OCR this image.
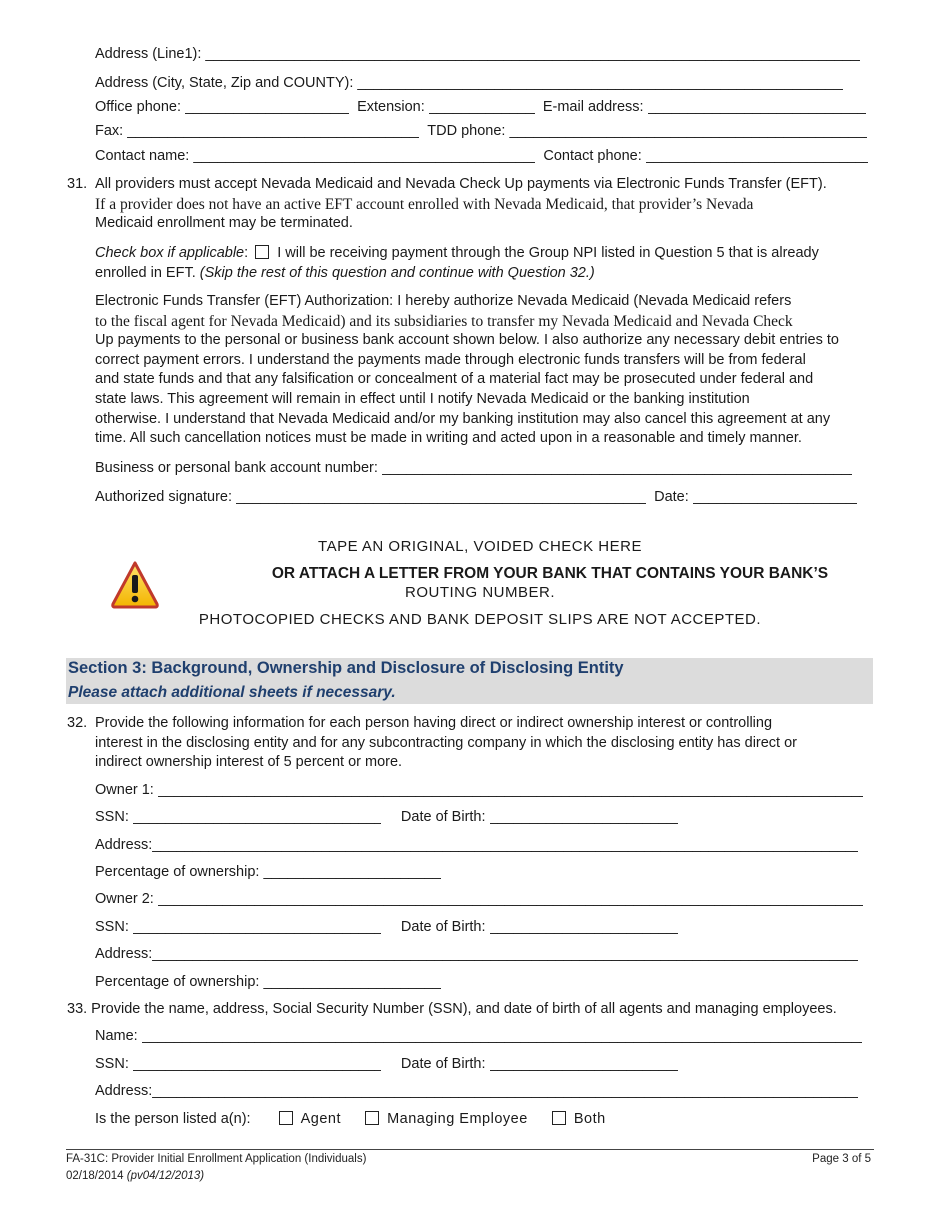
Address (Line1): _____
Address (City, State, Zip and COUNTY): _____
Office phone: _____	Extension: _____	E-mail address: _____
Fax: _____	TDD phone: _____
Contact name: _____	Contact phone: _____
31. All providers must accept Nevada Medicaid and Nevada Check Up payments via Electronic Funds Transfer (EFT).
If a provider does not have an active EFT account enrolled with Nevada Medicaid, that provider’s Nevada
Medicaid enrollment may be terminated.
Check box if applicable:  I will be receiving payment through the Group NPI listed in Question 5 that is already
enrolled in EFT. (Skip the rest of this question and continue with Question 32.)
Electronic Funds Transfer (EFT) Authorization: I hereby authorize Nevada Medicaid (Nevada Medicaid refers
to the fiscal agent for Nevada Medicaid) and its subsidiaries to transfer my Nevada Medicaid and Nevada Check
Up payments to the personal or business bank account shown below. I also authorize any necessary debit entries to
correct payment errors. I understand the payments made through electronic funds transfers will be from federal
and state funds and that any falsification or concealment of a material fact may be prosecuted under federal and
state laws. This agreement will remain in effect until I notify Nevada Medicaid or the banking institution
otherwise. I understand that Nevada Medicaid and/or my banking institution may also cancel this agreement at any
time. All such cancellation notices must be made in writing and acted upon in a reasonable and timely manner.
Business or personal bank account number: _____
Authorized signature: _____	Date: _____
TAPE AN ORIGINAL, VOIDED CHECK HERE
OR ATTACH A LETTER FROM YOUR BANK THAT CONTAINS YOUR BANK’S
ROUTING NUMBER.
PHOTOCOPIED CHECKS AND BANK DEPOSIT SLIPS ARE NOT ACCEPTED.
Section 3: Background, Ownership and Disclosure of Disclosing Entity
Please attach additional sheets if necessary.
32. Provide the following information for each person having direct or indirect ownership interest or controlling
interest in the disclosing entity and for any subcontracting company in which the disclosing entity has direct or
indirect ownership interest of 5 percent or more.
Owner 1: _____
SSN: _____	Date of Birth: _____
Address:_____
Percentage of ownership: _____
Owner 2: _____
SSN: _____	Date of Birth: _____
Address:_____
Percentage of ownership: _____
33. Provide the name, address, Social Security Number (SSN), and date of birth of all agents and managing employees.
Name: _____
SSN: _____	Date of Birth: _____
Address:_____
Is the person listed a(n):	Agent	Managing Employee	Both
FA-31C: Provider Initial Enrollment Application (Individuals)
02/18/2014 (pv04/12/2013)
Page 3 of 5
